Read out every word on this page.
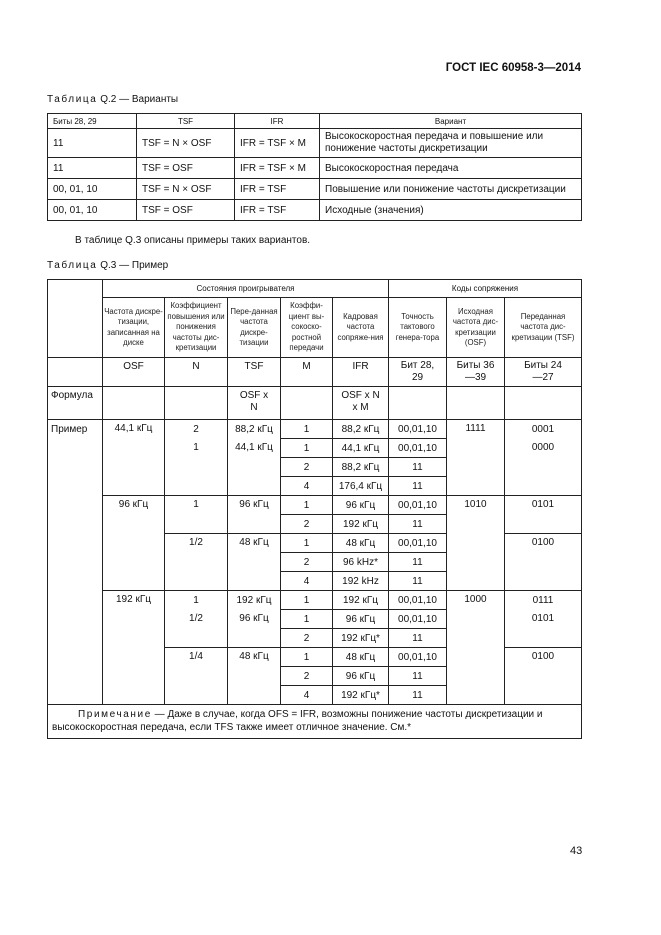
ГОСТ IEC 60958-3—2014
Таблица Q.2 — Варианты
Биты 28, 29	TSF	IFR	Вариант
11	TSF = N × OSF	IFR = TSF × M	Высокоскоростная передача и повышение или понижение частоты дискретизации
11	TSF = OSF	IFR = TSF × M	Высокоскоростная передача
00, 01, 10	TSF = N × OSF	IFR = TSF	Повышение или понижение частоты дискретизации
00, 01, 10	TSF = OSF	IFR = TSF	Исходные (значения)
В таблице Q.3 описаны примеры таких вариантов.
Таблица Q.3 — Пример
	Состояния проигрывателя					Коды сопряжения		
	Частота дискре-тизации, записанная на диске	Коэффициент повышения или понижения частоты дис-кретизации	Пере-данная частота дискре-тизации	Коэффи-циент вы-сокоско-ростной передачи	Кадровая частота сопряже-ния	Точность тактового генера-тора	Исходная частота дис-кретизации (OSF)	Переданная частота дис-кретизации (TSF)
	OSF	N	TSF	M	IFR	Бит 28, 29	Биты 36—39	Биты 24—27
Формула			OSF x N		OSF x N x M			
Пример	44,1 кГц	2	88,2 кГц	1	88,2 кГц	00,01,10	1111	0001
		1	44,1 кГц	1	44,1 кГц	00,01,10		0000
				2	88,2 кГц	11		
				4	176,4 кГц	11		
	96 кГц	1	96 кГц	1	96 кГц	00,01,10	1010	0101
				2	192 кГц	11		
		1/2	48 кГц	1	48 кГц	00,01,10		0100
				2	96 kHz*	11		
				4	192 kHz	11		
	192 кГц	1	192 кГц	1	192 кГц	00,01,10	1000	0111
		1/2	96 кГц	1	96 кГц	00,01,10		0101
				2	192 кГц*	11		
		1/4	48 кГц	1	48 кГц	00,01,10		0100
				2	96 кГц	11		
				4	192 кГц*	11		
Примечание — Даже в случае, когда OFS = IFR, возможны понижение частоты дискретизации и высокоскоростная передача, если TFS также имеет отличное значение. См.*								
43
